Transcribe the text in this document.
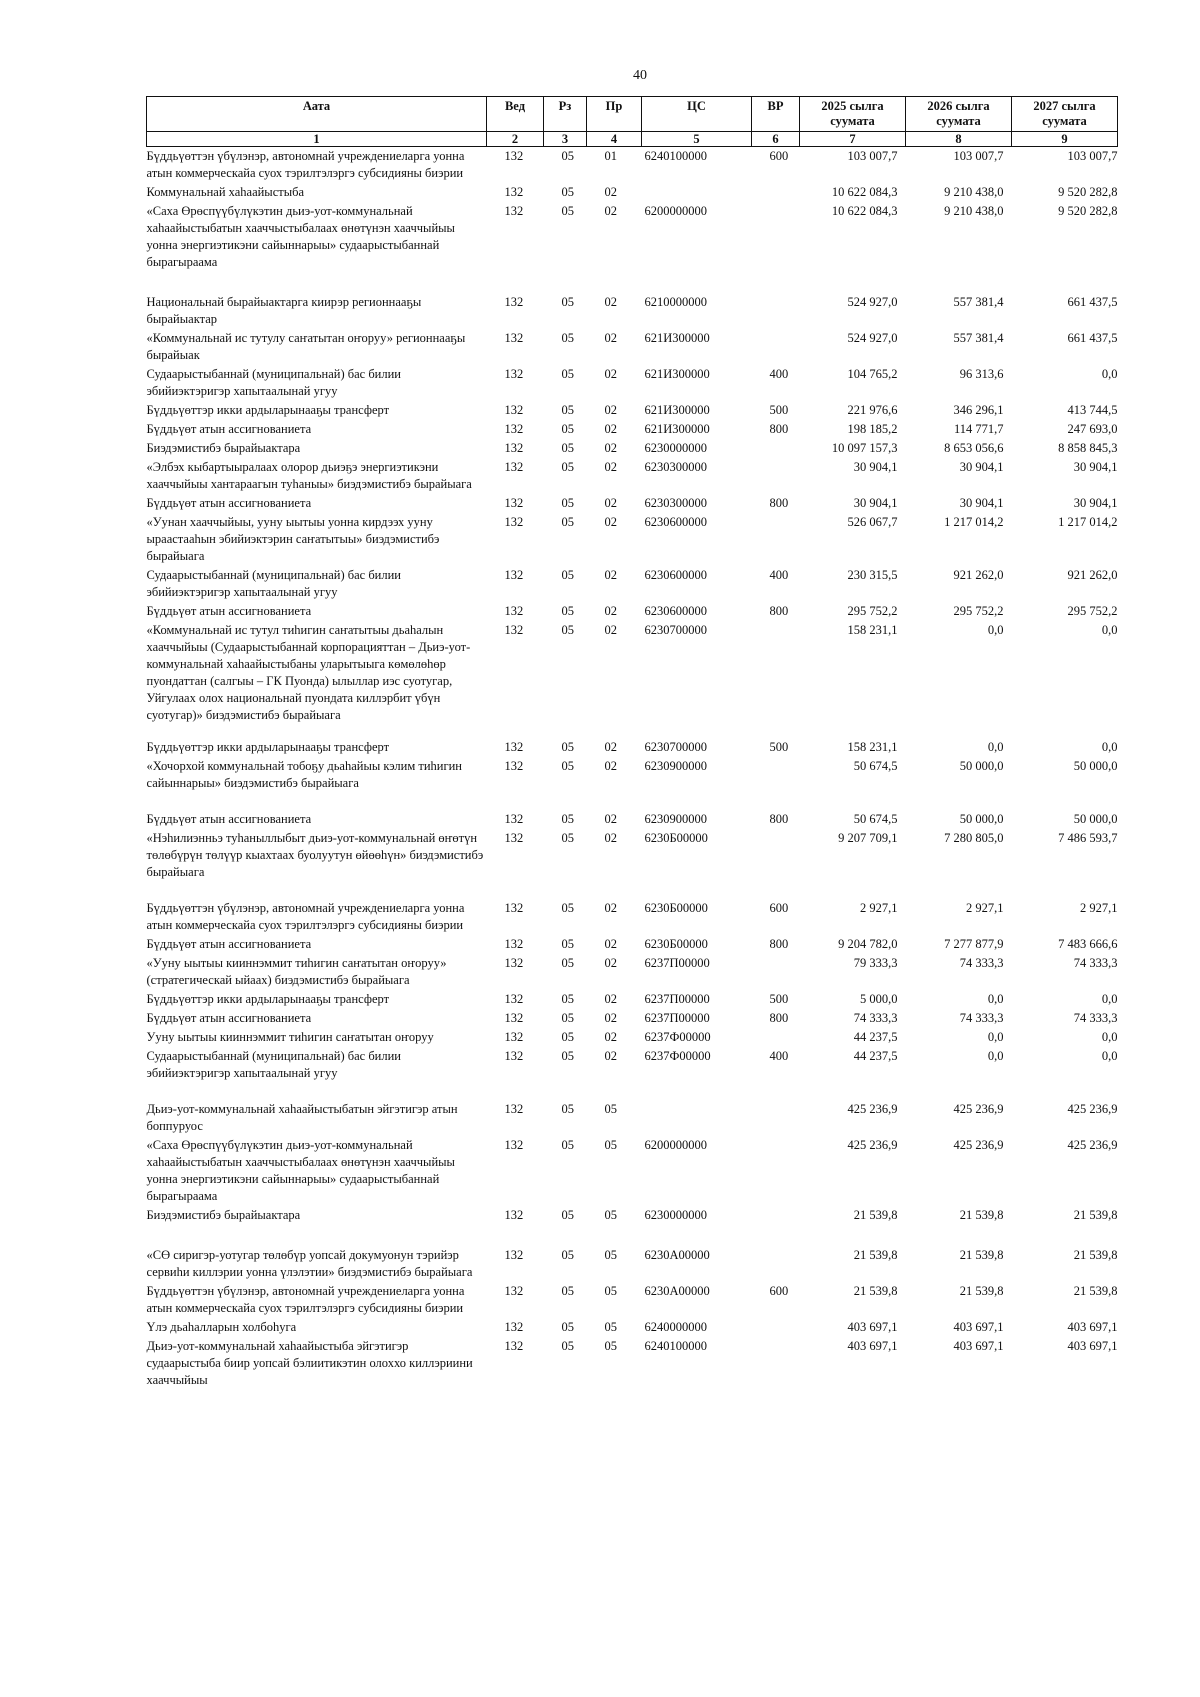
40
Аата	Вед	Рз	Пр	ЦС	ВР	2025 сылга суумата	2026 сылга суумата	2027 сылга суумата
1	2	3	4	5	6	7	8	9
Бүддьүөттэн үбүлэнэр, автономнай учреждениеларга уонна атын коммерческайа суох тэрилтэлэргэ субсидияны биэрии	132	05	01	6240100000	600	103 007,7	103 007,7	103 007,7
Коммунальнай хаһаайыстыба	132	05	02			10 622 084,3	9 210 438,0	9 520 282,8
«Саха Өрөспүүбүлүкэтин дьиэ-уот-коммунальнай хаһаайыстыбатын хааччыстыбалаах өнөтүнэн хааччыйыы уонна энергиэтикэни сайыннарыы» судаарыстыбаннай бырагыраама	132	05	02	6200000000		10 622 084,3	9 210 438,0	9 520 282,8
Национальнай бырайыактарга киирэр регионнааҕы бырайыактар	132	05	02	6210000000		524 927,0	557 381,4	661 437,5
«Коммунальнай ис тутулу саҥатытан оҥоруу» регионнааҕы бырайыак	132	05	02	621И300000		524 927,0	557 381,4	661 437,5
Судаарыстыбаннай (муниципальнай) бас билии эбийиэктэригэр хапытаалынай угуу	132	05	02	621И300000	400	104 765,2	96 313,6	0,0
Бүддьүөттэр икки ардыларынааҕы трансферт	132	05	02	621И300000	500	221 976,6	346 296,1	413 744,5
Бүддьүөт атын ассигнованиета	132	05	02	621И300000	800	198 185,2	114 771,7	247 693,0
Биэдэмистибэ бырайыактара	132	05	02	6230000000		10 097 157,3	8 653 056,6	8 858 845,3
«Элбэх кыбартыыралаах олорор дьиэҕэ энергиэтикэни хааччыйыы хантараагын туһаныы» биэдэмистибэ бырайыага	132	05	02	6230300000		30 904,1	30 904,1	30 904,1
Бүддьүөт атын ассигнованиета	132	05	02	6230300000	800	30 904,1	30 904,1	30 904,1
«Уунан хааччыйыы, ууну ыытыы уонна кирдээх ууну ыраастааһын эбийиэктэрин саҥатытыы» биэдэмистибэ бырайыага	132	05	02	6230600000		526 067,7	1 217 014,2	1 217 014,2
Судаарыстыбаннай (муниципальнай) бас билии эбийиэктэригэр хапытаалынай угуу	132	05	02	6230600000	400	230 315,5	921 262,0	921 262,0
Бүддьүөт атын ассигнованиета	132	05	02	6230600000	800	295 752,2	295 752,2	295 752,2
«Коммунальнай ис тутул тиһигин саҥатытыы дьаһалын хааччыйыы (Судаарыстыбаннай корпорацияттан – Дьиэ-уот-коммунальнай хаһаайыстыбаны уларытыыга көмөлөһөр пуондаттан (салгыы – ГК Пуонда) ылыллар иэс суотугар, Уйгулаах олох национальнай пуондата киллэрбит үбүн суотугар)» биэдэмистибэ бырайыага	132	05	02	6230700000		158 231,1	0,0	0,0
Бүддьүөттэр икки ардыларынааҕы трансферт	132	05	02	6230700000	500	158 231,1	0,0	0,0
«Хочорхой коммунальнай тобоҕу дьаһайыы кэлим тиһигин сайыннарыы» биэдэмистибэ бырайыага	132	05	02	6230900000		50 674,5	50 000,0	50 000,0
Бүддьүөт атын ассигнованиета	132	05	02	6230900000	800	50 674,5	50 000,0	50 000,0
«Нэһилиэнньэ туһаныллыбыт дьиэ-уот-коммунальнай өҥөтүн төлөбүрүн төлүүр кыахтаах буолуутун өйөөһүн» биэдэмистибэ бырайыага	132	05	02	6230Б00000		9 207 709,1	7 280 805,0	7 486 593,7
Бүддьүөттэн үбүлэнэр, автономнай учреждениеларга уонна атын коммерческайа суох тэрилтэлэргэ субсидияны биэрии	132	05	02	6230Б00000	600	2 927,1	2 927,1	2 927,1
Бүддьүөт атын ассигнованиета	132	05	02	6230Б00000	800	9 204 782,0	7 277 877,9	7 483 666,6
«Ууну ыытыы кииннэммит тиһигин саҥатытан оҥоруу» (стратегическай ыйаах) биэдэмистибэ бырайыага	132	05	02	6237П00000		79 333,3	74 333,3	74 333,3
Бүддьүөттэр икки ардыларынааҕы трансферт	132	05	02	6237П00000	500	5 000,0	0,0	0,0
Бүддьүөт атын ассигнованиета	132	05	02	6237П00000	800	74 333,3	74 333,3	74 333,3
Ууну ыытыы кииннэммит тиһигин саҥатытан оҥоруу	132	05	02	6237Ф00000		44 237,5	0,0	0,0
Судаарыстыбаннай (муниципальнай) бас билии эбийиэктэригэр хапытаалынай угуу	132	05	02	6237Ф00000	400	44 237,5	0,0	0,0
Дьиэ-уот-коммунальнай хаһаайыстыбатын эйгэтигэр атын боппуруос	132	05	05			425 236,9	425 236,9	425 236,9
«Саха Өрөспүүбүлүкэтин дьиэ-уот-коммунальнай хаһаайыстыбатын хааччыстыбалаах өнөтүнэн хааччыйыы уонна энергиэтикэни сайыннарыы» судаарыстыбаннай бырагыраама	132	05	05	6200000000		425 236,9	425 236,9	425 236,9
Биэдэмистибэ бырайыактара	132	05	05	6230000000		21 539,8	21 539,8	21 539,8
«СӨ сиригэр-уотугар төлөбүр уопсай докумуонун тэрийэр сервиһи киллэрии уонна үлэлэтии» биэдэмистибэ бырайыага	132	05	05	6230А00000		21 539,8	21 539,8	21 539,8
Бүддьүөттэн үбүлэнэр, автономнай учреждениеларга уонна атын коммерческайа суох тэрилтэлэргэ субсидияны биэрии	132	05	05	6230А00000	600	21 539,8	21 539,8	21 539,8
Үлэ дьаһалларын холбоһуга	132	05	05	6240000000		403 697,1	403 697,1	403 697,1
Дьиэ-уот-коммунальнай хаһаайыстыба эйгэтигэр судаарыстыба биир уопсай бэлиитикэтин олоххо киллэриини хааччыйыы	132	05	05	6240100000		403 697,1	403 697,1	403 697,1
